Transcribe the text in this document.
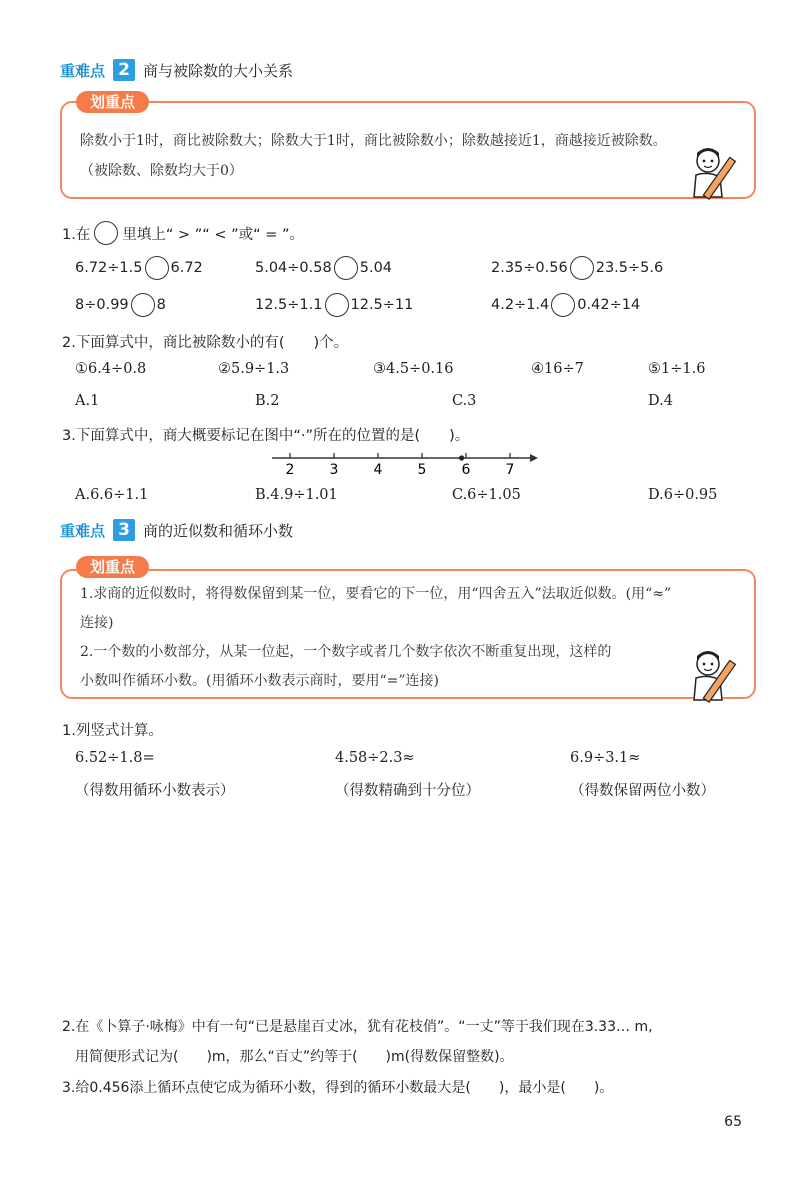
重难点 2 商与被除数的大小关系
划重点
除数小于1时，商比被除数大；除数大于1时，商比被除数小；除数越接近1，商越接近被除数。
（被除数、除数均大于0）
1.在 里填上“ > ”“ < ”或“ = ”。
6.72÷1.5 6.72	5.04÷0.58 5.04	2.35÷0.56 23.5÷5.6
8÷0.99 8	12.5÷1.1 12.5÷11	4.2÷1.4 0.42÷14
2.下面算式中，商比被除数小的有(　　)个。
①6.4÷0.8	②5.9÷1.3	③4.5÷0.16	④16÷7	⑤1÷1.6
A.1	B.2	C.3	D.4
3.下面算式中，商大概要标记在图中“·”所在的位置的是(　　)。
2	3	4	5	6	7
A.6.6÷1.1	B.4.9÷1.01	C.6÷1.05	D.6÷0.95
重难点 3 商的近似数和循环小数
划重点
1.求商的近似数时，将得数保留到某一位，要看它的下一位，用“四舍五入”法取近似数。(用“≈”
连接)
2.一个数的小数部分，从某一位起，一个数字或者几个数字依次不断重复出现，这样的
小数叫作循环小数。(用循环小数表示商时，要用“=”连接)
1.列竖式计算。
6.52÷1.8=
（得数用循环小数表示）
4.58÷2.3≈
（得数精确到十分位）
6.9÷3.1≈
（得数保留两位小数）
2.在《卜算子·咏梅》中有一句“已是悬崖百丈冰，犹有花枝俏”。“一丈”等于我们现在3.33… m,
用简便形式记为(　　)m，那么“百丈”约等于(　　)m(得数保留整数)。
3.给0.456添上循环点使它成为循环小数，得到的循环小数最大是(　　)，最小是(　　)。
65
